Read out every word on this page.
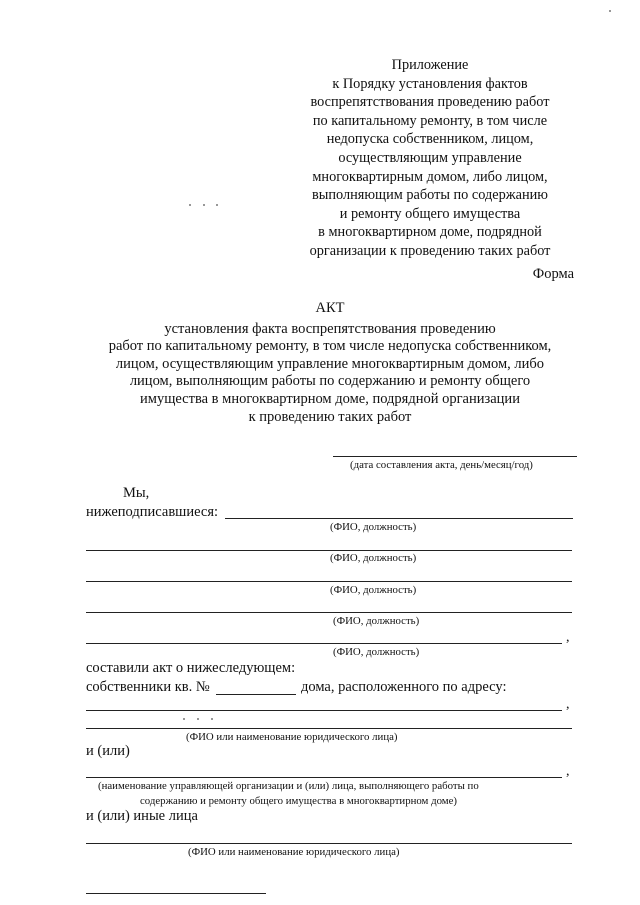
Приложение
к Порядку установления фактов
воспрепятствования проведению работ
по капитальному ремонту, в том числе
недопуска собственником, лицом,
осуществляющим управление
многоквартирным домом, либо лицом,
выполняющим работы по содержанию
и ремонту общего имущества
в многоквартирном доме, подрядной
организации к проведению таких работ
Форма
АКТ
установления факта воспрепятствования проведению
работ по капитальному ремонту, в том числе недопуска собственником,
лицом, осуществляющим управление многоквартирным домом, либо
лицом, выполняющим работы по содержанию и ремонту общего
имущества в многоквартирном доме, подрядной организации
к проведению таких работ
(дата составления акта, день/месяц/год)
Мы,
нижеподписавшиеся:
(ФИО, должность)
(ФИО, должность)
(ФИО, должность)
(ФИО, должность)
,
(ФИО, должность)
составили акт о нижеследующем:
собственники кв. №	дома, расположенного по адресу:
,
(ФИО или наименование юридического лица)
и (или)
,
(наименование управляющей организации и (или) лица, выполняющего работы по
содержанию и ремонту общего имущества в многоквартирном доме)
и (или) иные лица
(ФИО или наименование юридического лица)
